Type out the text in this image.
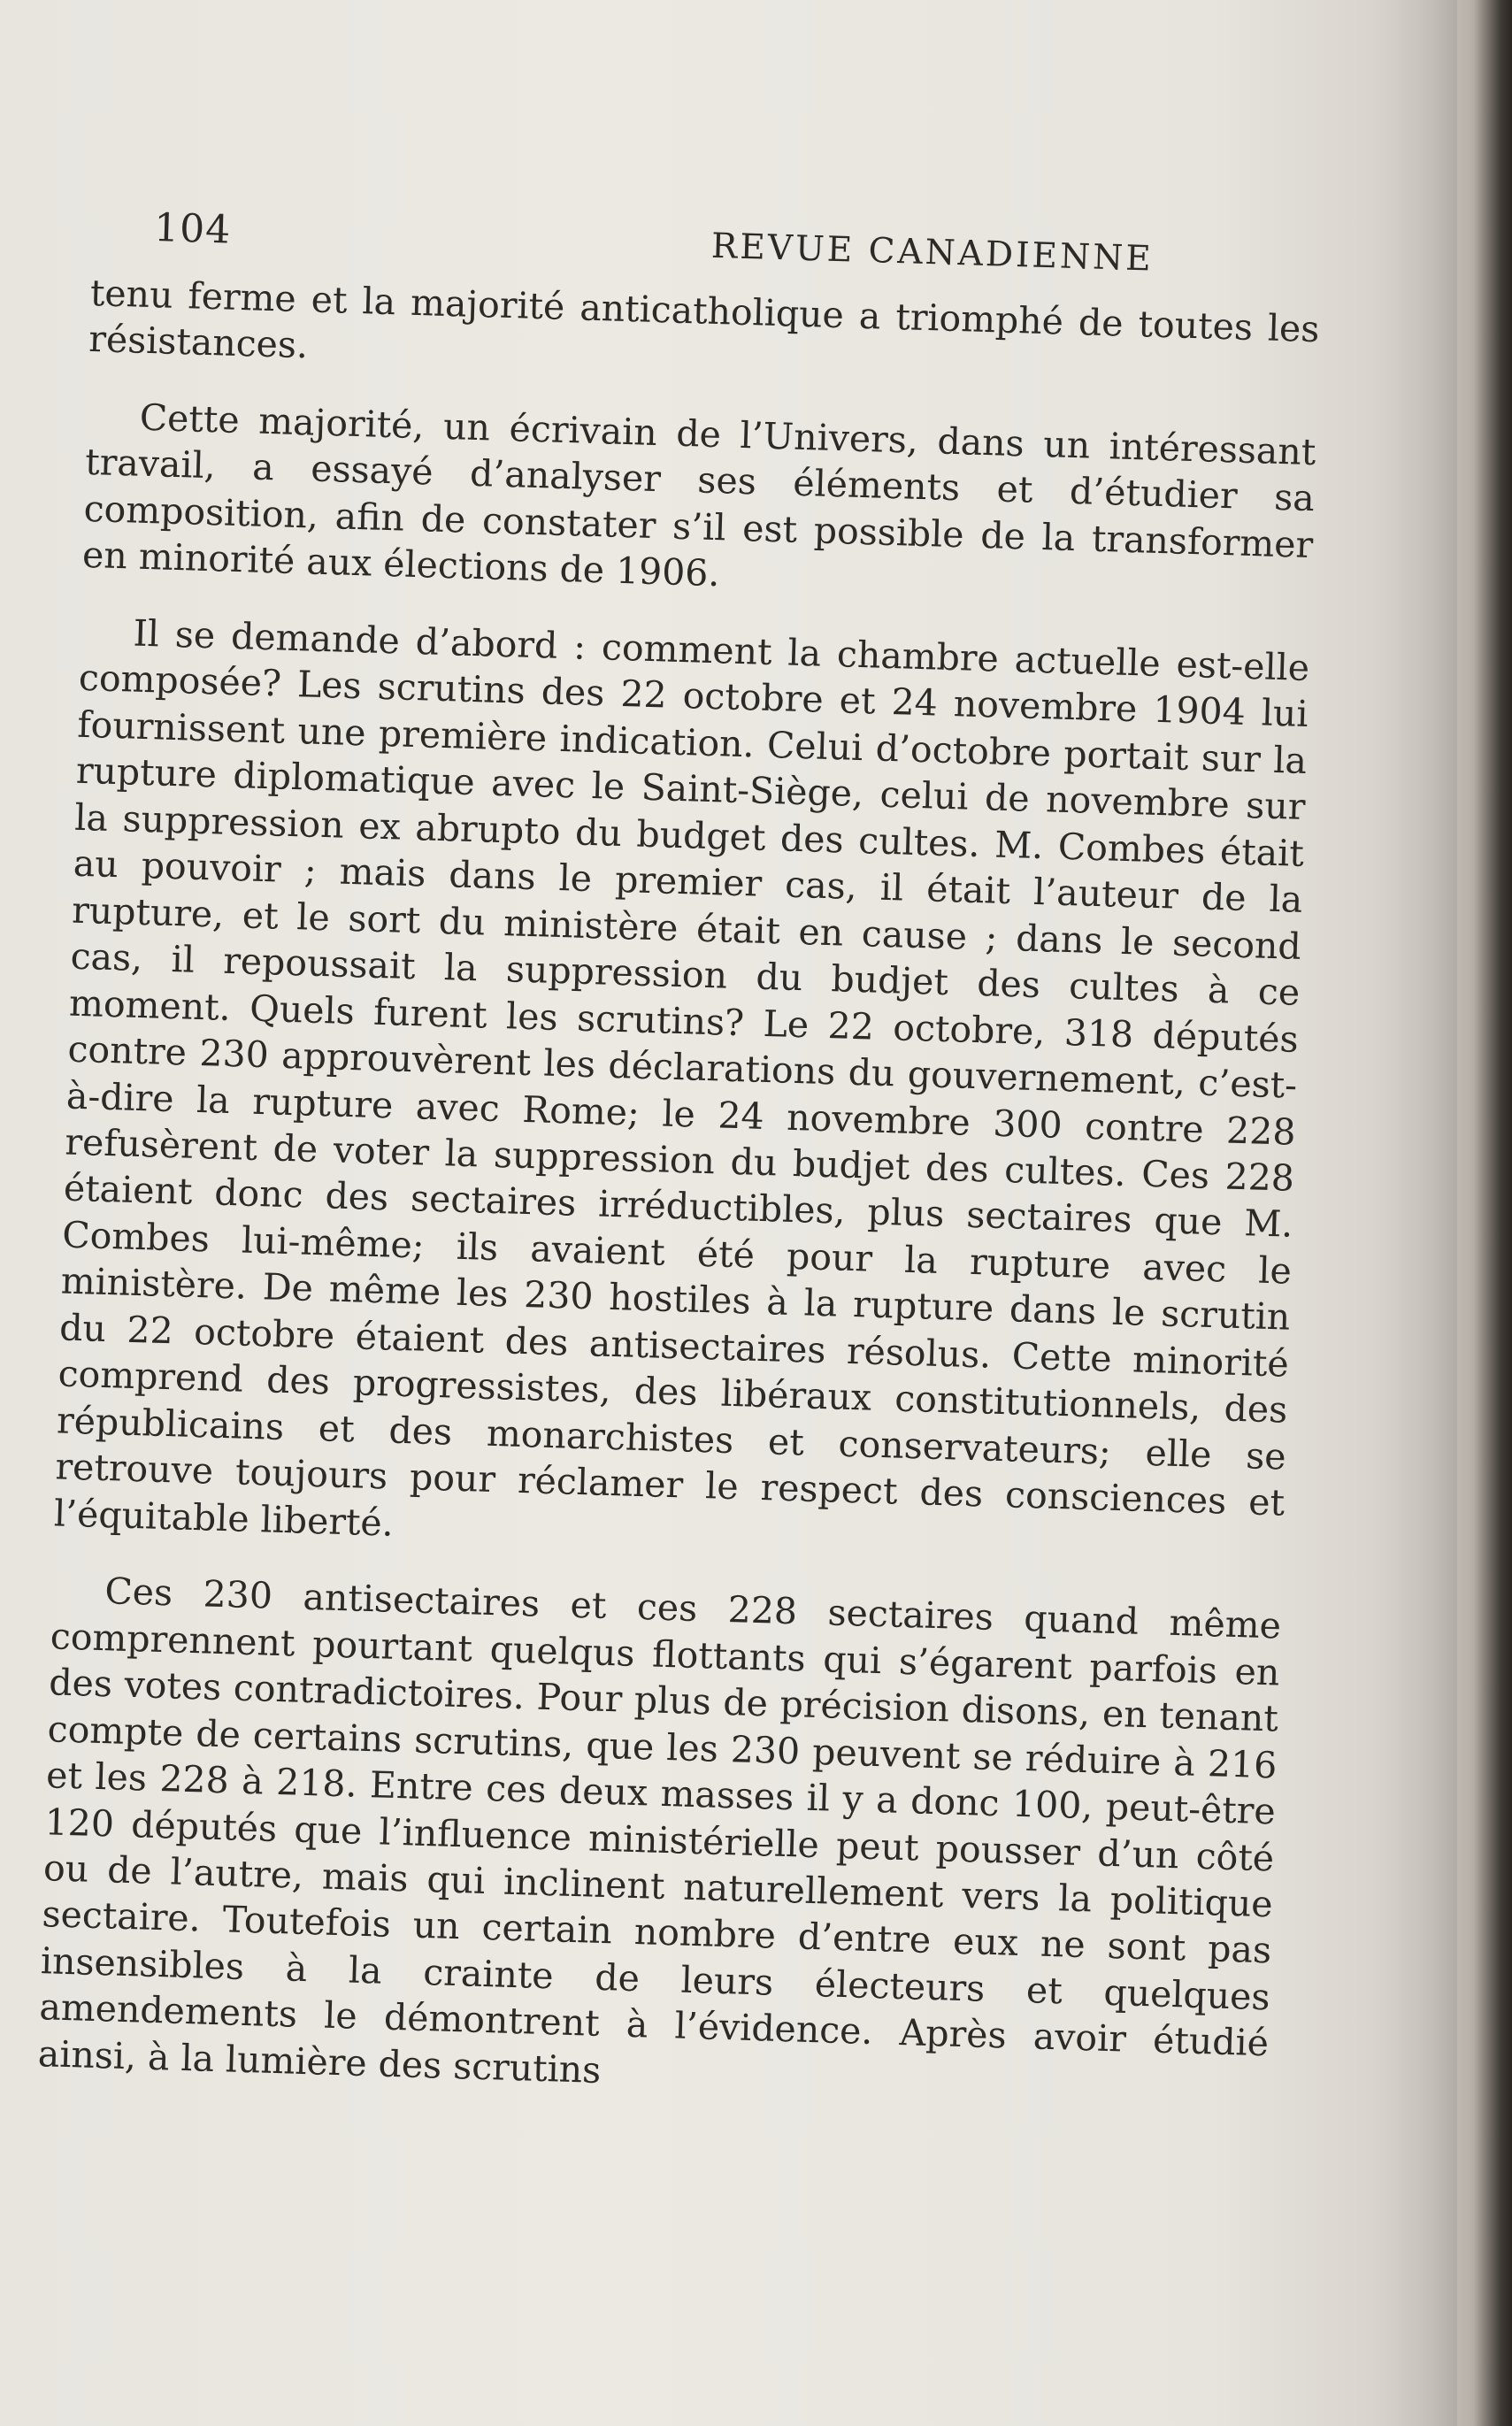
104	REVUE CANADIENNE

tenu ferme et la majorité anticatholique a triomphé de toutes les résistances.

Cette majorité, un écrivain de l’Univers, dans un intéressant travail, a essayé d’analyser ses éléments et d’étudier sa composition, afin de constater s’il est possible de la transformer en minorité aux élections de 1906.

Il se demande d’abord : comment la chambre actuelle est-elle composée? Les scrutins des 22 octobre et 24 novembre 1904 lui fournissent une première indication. Celui d’octobre portait sur la rupture diplomatique avec le Saint-Siège, celui de novembre sur la suppression ex abrupto du budget des cultes. M. Combes était au pouvoir ; mais dans le premier cas, il était l’auteur de la rupture, et le sort du ministère était en cause ; dans le second cas, il repoussait la suppression du budjet des cultes à ce moment. Quels furent les scrutins? Le 22 octobre, 318 députés contre 230 approuvèrent les déclarations du gouvernement, c’est-à-dire la rupture avec Rome; le 24 novembre 300 contre 228 refusèrent de voter la suppression du budjet des cultes. Ces 228 étaient donc des sectaires irréductibles, plus sectaires que M. Combes lui-même; ils avaient été pour la rupture avec le ministère. De même les 230 hostiles à la rupture dans le scrutin du 22 octobre étaient des antisectaires résolus. Cette minorité comprend des progressistes, des libéraux constitutionnels, des républicains et des monarchistes et conservateurs; elle se retrouve toujours pour réclamer le respect des consciences et l’équitable liberté.

Ces 230 antisectaires et ces 228 sectaires quand même comprennent pourtant quelqus flottants qui s’égarent parfois en des votes contradictoires. Pour plus de précision disons, en tenant compte de certains scrutins, que les 230 peuvent se réduire à 216 et les 228 à 218. Entre ces deux masses il y a donc 100, peut-être 120 députés que l’influence ministérielle peut pousser d’un côté ou de l’autre, mais qui inclinent naturellement vers la politique sectaire. Toutefois un certain nombre d’entre eux ne sont pas insensibles à la crainte de leurs électeurs et quelques amendements le démontrent à l’évidence. Après avoir étudié ainsi, à la lumière des scrutins
